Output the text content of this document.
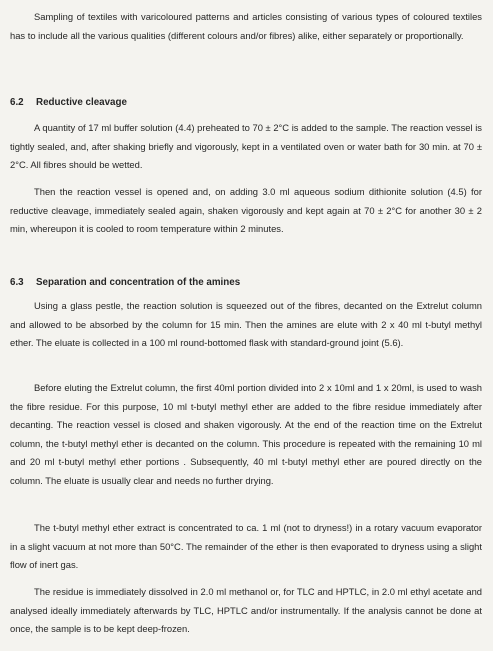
Sampling of textiles with varicoloured patterns and articles consisting of various types of coloured textiles has to include all the various qualities (different colours and/or fibres) alike, either separately or proportionally.

6.2 Reductive cleavage

A quantity of 17 ml buffer solution (4.4) preheated to 70 ± 2°C is added to the sample. The reaction vessel is tightly sealed, and, after shaking briefly and vigorously, kept in a ventilated oven or water bath for 30 min. at 70 ± 2°C. All fibres should be wetted.

Then the reaction vessel is opened and, on adding 3.0 ml aqueous sodium dithionite solution (4.5) for reductive cleavage, immediately sealed again, shaken vigorously and kept again at 70 ± 2°C for another 30 ± 2 min, whereupon it is cooled to room temperature within 2 minutes.

6.3 Separation and concentration of the amines

Using a glass pestle, the reaction solution is squeezed out of the fibres, decanted on the Extrelut column and allowed to be absorbed by the column for 15 min. Then the amines are elute with 2 x 40 ml t-butyl methyl ether. The eluate is collected in a 100 ml round-bottomed flask with standard-ground joint (5.6).

Before eluting the Extrelut column, the first 40ml portion divided into 2 x 10ml and 1 x 20ml, is used to wash the fibre residue. For this purpose, 10 ml t-butyl methyl ether are added to the fibre residue immediately after decanting. The reaction vessel is closed and shaken vigorously. At the end of the reaction time on the Extrelut column, the t-butyl methyl ether is decanted on the column. This procedure is repeated with the remaining 10 ml and 20 ml t-butyl methyl ether portions . Subsequently, 40 ml t-butyl methyl ether are poured directly on the column. The eluate is usually clear and needs no further drying.

The t-butyl methyl ether extract is concentrated to ca. 1 ml (not to dryness!) in a rotary vacuum evaporator in a slight vacuum at not more than 50°C. The remainder of the ether is then evaporated to dryness using a slight flow of inert gas.

The residue is immediately dissolved in 2.0 ml methanol or, for TLC and HPTLC, in 2.0 ml ethyl acetate and analysed ideally immediately afterwards by TLC, HPTLC and/or instrumentally. If the analysis cannot be done at once, the sample is to be kept deep-frozen.
